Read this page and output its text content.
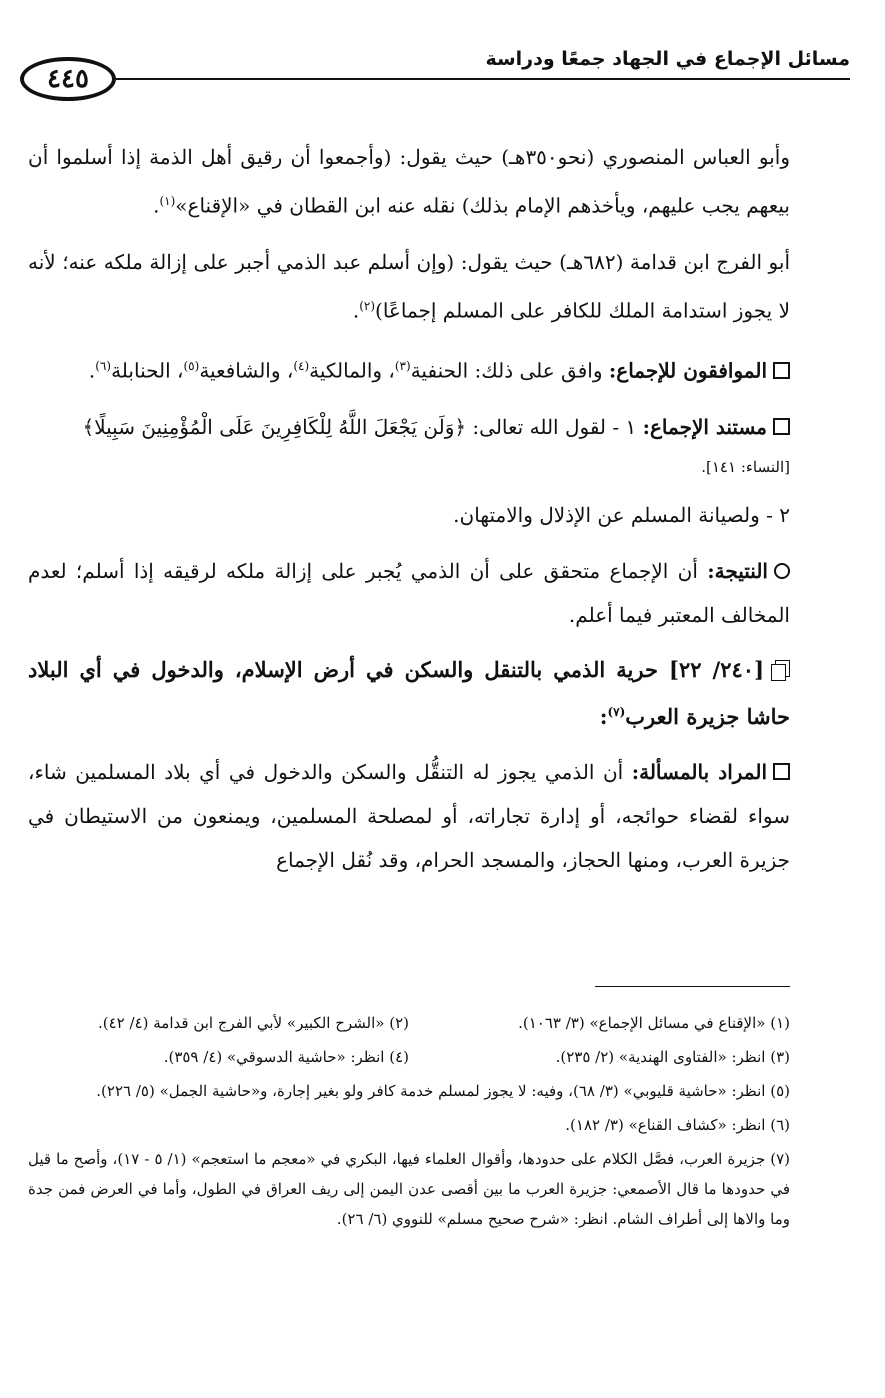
مسائل الإجماع في الجهاد جمعًا ودراسة
٤٤٥

وأبو العباس المنصوري (نحو٣٥٠هـ) حيث يقول: (وأجمعوا أن رقيق أهل الذمة إذا أسلموا أن بيعهم يجب عليهم، ويأخذهم الإمام بذلك) نقله عنه ابن القطان في «الإقناع»$^{(١)}$.

أبو الفرج ابن قدامة (٦٨٢هـ) حيث يقول: (وإن أسلم عبد الذمي أجبر على إزالة ملكه عنه؛ لأنه لا يجوز استدامة الملك للكافر على المسلم إجماعًا)$^{(٢)}$.

الموافقون للإجماع: وافق على ذلك: الحنفية$^{(٣)}$، والمالكية$^{(٤)}$، والشافعية$^{(٥)}$، الحنابلة$^{(٦)}$.

مستند الإجماع: ١ - لقول الله تعالى: ﴿وَلَن يَجْعَلَ اللَّهُ لِلْكَافِرِينَ عَلَى الْمُؤْمِنِينَ سَبِيلًا﴾

[النساء: ١٤١].

٢ - ولصيانة المسلم عن الإذلال والامتهان.

النتيجة: أن الإجماع متحقق على أن الذمي يُجبر على إزالة ملكه لرقيقه إذا أسلم؛ لعدم المخالف المعتبر فيما أعلم.

[٢٤٠/ ٢٢] حرية الذمي بالتنقل والسكن في أرض الإسلام، والدخول في أي البلاد حاشا جزيرة العرب$^{(٧)}$:

المراد بالمسألة: أن الذمي يجوز له التنقُّل والسكن والدخول في أي بلاد المسلمين شاء، سواء لقضاء حوائجه، أو إدارة تجاراته، أو لمصلحة المسلمين، ويمنعون من الاستيطان في جزيرة العرب، ومنها الحجاز، والمسجد الحرام، وقد نُقل الإجماع

(١) «الإقناع في مسائل الإجماع» (٣/ ١٠٦٣).
(٢) «الشرح الكبير» لأبي الفرج ابن قدامة (٤/ ٤٢).
(٣) انظر: «الفتاوى الهندية» (٢/ ٢٣٥).
(٤) انظر: «حاشية الدسوقي» (٤/ ٣٥٩).

(٥) انظر: «حاشية قليوبي» (٣/ ٦٨)، وفيه: لا يجوز لمسلم خدمة كافر ولو بغير إجارة، و«حاشية الجمل» (٥/ ٢٢٦).

(٦) انظر: «كشاف القناع» (٣/ ١٨٢).

(٧) جزيرة العرب، فصَّل الكلام على حدودها، وأقوال العلماء فيها، البكري في «معجم ما استعجم» (١/ ٥ - ١٧)، وأصح ما قيل في حدودها ما قال الأصمعي: جزيرة العرب ما بين أقصى عدن اليمن إلى ريف العراق في الطول، وأما في العرض فمن جدة وما والاها إلى أطراف الشام. انظر: «شرح صحيح مسلم» للنووي (٦/ ٢٦).
